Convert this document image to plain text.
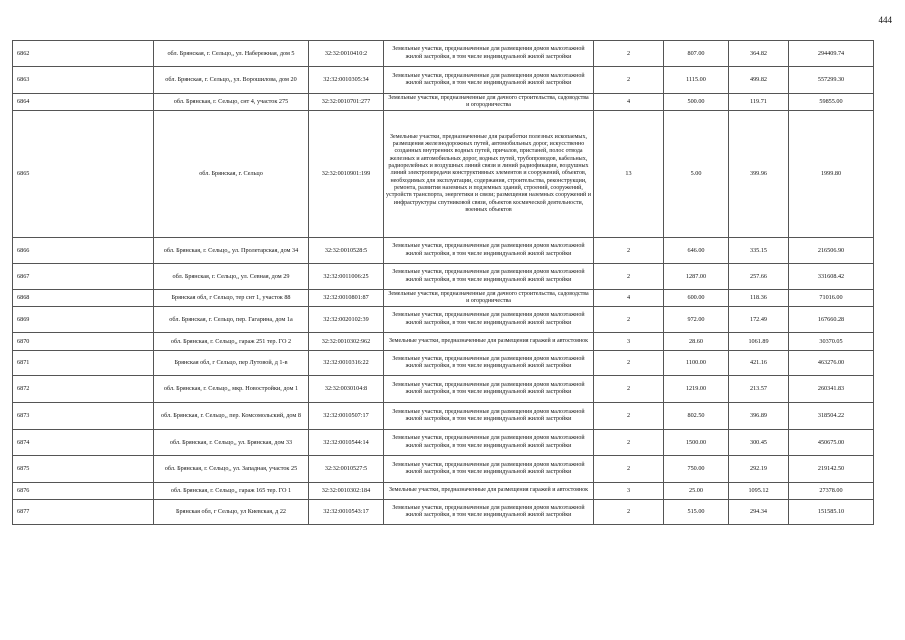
444
6862	обл. Брянская, г. Сельцо,, ул. Набережная, дом 5	32:32:0010410:2	Земельные участки, предназначенные для размещения домов малоэтажной жилой застройки, в том числе индивидуальной жилой застройки	2	807.00	364.82	294409.74
6863	обл. Брянская, г. Сельцо,, ул. Ворошилова, дом 20	32:32:0010305:34	Земельные участки, предназначенные для размещения домов малоэтажной жилой застройки, в том числе индивидуальной жилой застройки	2	1115.00	499.82	557299.30
6864	обл. Брянская, г. Сельцо, снт 4, участок 275	32:32:0010701:277	Земельные участки, предназначенные для дачного строительства, садоводства и огородничества	4	500.00	119.71	59855.00
6865	обл. Брянская, г. Сельцо	32:32:0010901:199	Земельные участки, предназначенные для разработки полезных ископаемых, размещения железнодорожных путей, автомобильных дорог, искусственно созданных внутренних водных путей, причалов, пристаней, полос отвода железных и автомобильных дорог, водных путей, трубопроводов, кабельных, радиорелейных и воздушных линий связи и линий радиофикации, воздушных линий электропередачи конструктивных элементов и сооружений, объектов, необходимых для эксплуатации, содержания, строительства, реконструкции, ремонта, развития наземных и подземных зданий, строений, сооружений, устройств транспорта, энергетики и связи; размещения наземных сооружений и инфраструктуры спутниковой связи, объектов космической деятельности, военных объектов	13	5.00	399.96	1999.80
6866	обл. Брянская, г. Сельцо,, ул. Пролетарская, дом 34	32:32:0010528:5	Земельные участки, предназначенные для размещения домов малоэтажной жилой застройки, в том числе индивидуальной жилой застройки	2	646.00	335.15	216506.90
6867	обл. Брянская, г. Сельцо,, ул. Севная, дом 29	32:32:0011006:25	Земельные участки, предназначенные для размещения домов малоэтажной жилой застройки, в том числе индивидуальной жилой застройки	2	1287.00	257.66	331608.42
6868	Брянская обл, г Сельцо, тер снт 1, участок 88	32:32:0010801:87	Земельные участки, предназначенные для дачного строительства, садоводства и огородничества	4	600.00	118.36	71016.00
6869	обл. Брянская, г. Сельцо, пер. Гагарина, дом 1а	32:32:0020102:39	Земельные участки, предназначенные для размещения домов малоэтажной жилой застройки, в том числе индивидуальной жилой застройки	2	972.00	172.49	167660.28
6870	обл. Брянская, г. Сельцо,, гараж 251 тер. ГО 2	32:32:0010302:962	Земельные участки, предназначенные для размещения гаражей и автостоянок	3	28.60	1061.89	30370.05
6871	Брянская обл, г Сельцо, пер Лутовой, д 1-в	32:32:0010316:22	Земельные участки, предназначенные для размещения домов малоэтажной жилой застройки, в том числе индивидуальной жилой застройки	2	1100.00	421.16	463276.00
6872	обл. Брянская, г. Сельцо,, мкр. Новостройки, дом 1	32:32:0030104:8	Земельные участки, предназначенные для размещения домов малоэтажной жилой застройки, в том числе индивидуальной жилой застройки	2	1219.00	213.57	260341.83
6873	обл. Брянская, г. Сельцо,, пер. Комсомольский, дом 8	32:32:0010507:17	Земельные участки, предназначенные для размещения домов малоэтажной жилой застройки, в том числе индивидуальной жилой застройки	2	802.50	396.89	318504.22
6874	обл. Брянская, г. Сельцо,, ул. Брянская, дом 33	32:32:0010544:14	Земельные участки, предназначенные для размещения домов малоэтажной жилой застройки, в том числе индивидуальной жилой застройки	2	1500.00	300.45	450675.00
6875	обл. Брянская, г. Сельцо,, ул. Западная, участок 25	32:32:0010527:5	Земельные участки, предназначенные для размещения домов малоэтажной жилой застройки, в том числе индивидуальной жилой застройки	2	750.00	292.19	219142.50
6876	обл. Брянская, г. Сельцо,, гараж 165 тер. ГО 1	32:32:0010302:184	Земельные участки, предназначенные для размещения гаражей и автостоянок	3	25.00	1095.12	27378.00
6877	Брянская обл, г Сельцо, ул Киевская, д 22	32:32:0010543:17	Земельные участки, предназначенные для размещения домов малоэтажной жилой застройки, в том числе индивидуальной жилой застройки	2	515.00	294.34	151585.10
